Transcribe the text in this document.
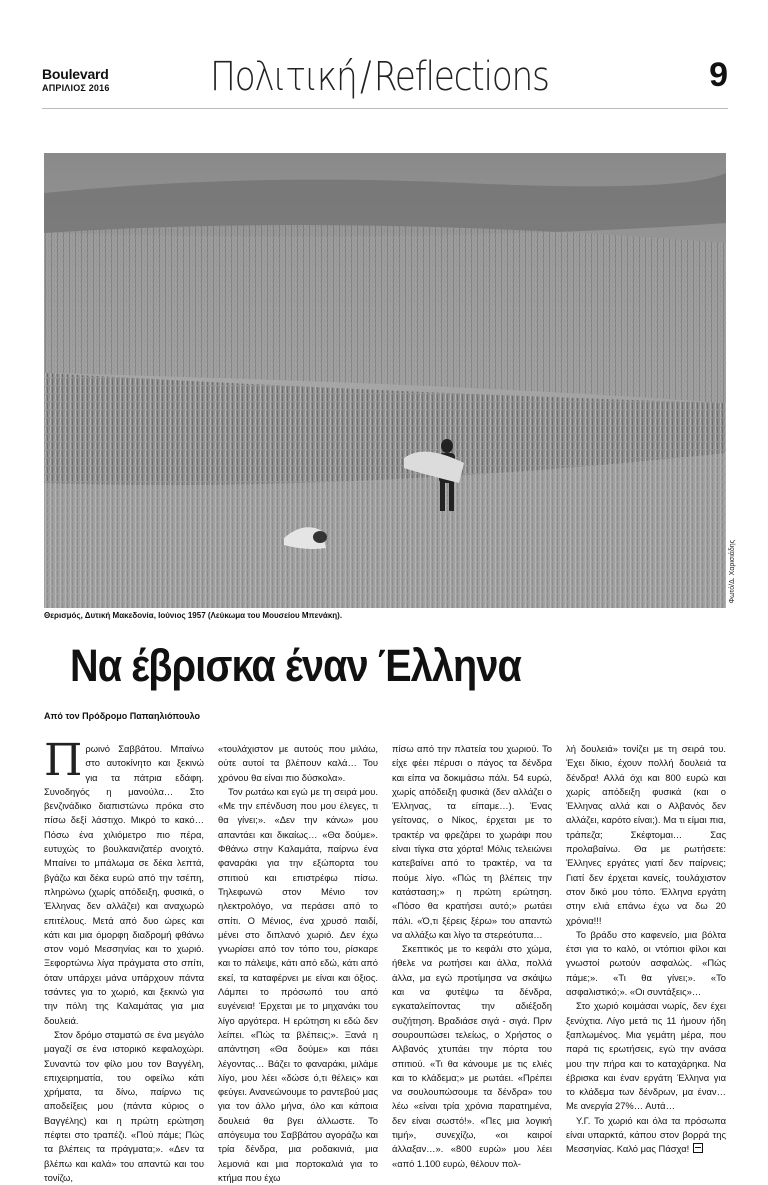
Boulevard
ΑΠΡΙΛΙΟΣ 2016	Πολιτική/Reflections	9
Φωτό/Δ. Χαρισιάδης
Θερισμός, Δυτική Μακεδονία, Ιούνιος 1957 (Λεύκωμα του Μουσείου Μπενάκη).
Να έβρισκα έναν Έλληνα
Από τον Πρόδρομο Παπαηλιόπουλο

Πρωινό Σαββάτου. Μπαίνω στο αυτοκίνητο και ξεκινώ για τα πάτρια εδάφη. Συνοδηγός η μανούλα… Στο βενζινάδικο διαπιστώνω πρόκα στο πίσω δεξί λάστιχο. Μικρό το κακό… Πόσω ένα χιλιόμετρο πιο πέρα, ευτυχώς το βουλκανιζατέρ ανοιχτό. Μπαίνει το μπάλωμα σε δέκα λεπτά, βγάζω και δέκα ευρώ από την τσέπη, πληρώνω (χωρίς απόδειξη, φυσικά, ο Έλληνας δεν αλλάζει) και αναχωρώ επιτέλους. Μετά από δυο ώρες και κάτι και μια όμορφη διαδρομή φθάνω στον νομό Μεσσηνίας και το χωριό. Ξεφορτώνω λίγα πράγματα στο σπίτι, όταν υπάρχει μάνα υπάρχουν πάντα τσάντες για το χωριό, και ξεκινώ για την πόλη της Καλαμάτας για μια δουλειά.

Στον δρόμο σταματώ σε ένα μεγάλο μαγαζί σε ένα ιστορικό κεφαλοχώρι. Συναντώ τον φίλο μου τον Βαγγέλη, επιχειρηματία, του οφείλω κάτι χρήματα, τα δίνω, παίρνω τις αποδείξεις μου (πάντα κύριος ο Βαγγέλης) και η πρώτη ερώτηση πέφτει στο τραπέζι. «Πού πάμε; Πώς τα βλέπεις τα πράγματα;». «Δεν τα βλέπω και καλά» του απαντώ και του τονίζω,

«τουλάχιστον με αυτούς που μιλάω, ούτε αυτοί τα βλέπουν καλά… Του χρόνου θα είναι πιο δύσκολα».

Τον ρωτάω και εγώ με τη σειρά μου. «Με την επένδυση που μου έλεγες, τι θα γίνει;». «Δεν την κάνω» μου απαντάει και δικαίως… «Θα δούμε». Φθάνω στην Καλαμάτα, παίρνω ένα φαναράκι για την εξώπορτα του σπιτιού και επιστρέφω πίσω. Τηλεφωνώ στον Μένιο τον ηλεκτρολόγο, να περάσει από το σπίτι. Ο Μένιος, ένα χρυσό παιδί, μένει στο διπλανό χωριό. Δεν έχω γνωρίσει από τον τόπο του, ρίσκαρε και το πάλεψε, κάτι από εδώ, κάτι από εκεί, τα καταφέρνει με είναι και όξιος. Λάμπει το πρόσωπό του από ευγένεια! Έρχεται με το μηχανάκι του λίγο αργότερα. Η ερώτηση κι εδώ δεν λείπει. «Πώς τα βλέπεις;». Ξανά η απάντηση «Θα δούμε» και πάει λέγοντας… Βάζει το φαναράκι, μιλάμε λίγο, μου λέει «δώσε ό,τι θέλεις» και φεύγει. Ανανεώνουμε το ραντεβού μας για τον άλλο μήνα, όλο και κάποια δουλειά θα βγει άλλωστε. Το απόγευμα του Σαββάτου αγοράζω και τρία δένδρα, μια ροδακινιά, μια λεμονιά και μια πορτοκαλιά για το κτήμα που έχω

πίσω από την πλατεία του χωριού. Το είχε φέει πέρυσι ο πάγος τα δένδρα και είπα να δοκιμάσω πάλι. 54 ευρώ, χωρίς απόδειξη φυσικά (δεν αλλάζει ο Έλληνας, τα είπαμε…). Ένας γείτονας, ο Νίκος, έρχεται με το τρακτέρ να φρεζάρει το χωράφι που είναι τίγκα στα χόρτα! Μόλις τελειώνει κατεβαίνει από το τρακτέρ, να τα πούμε λίγο. «Πώς τη βλέπεις την κατάσταση;» η πρώτη ερώτηση. «Πόσο θα κρατήσει αυτό;» ρωτάει πάλι. «Ό,τι ξέρεις ξέρω» του απαντώ να αλλάξω και λίγο τα στερεότυπα…

Σκεπτικός με το κεφάλι στο χώμα, ήθελε να ρωτήσει και άλλα, πολλά άλλα, μα εγώ προτίμησα να σκάψω και να φυτέψω τα δένδρα, εγκαταλείποντας την αδιέξοδη συζήτηση. Βραδιάσε σιγά - σιγά. Πριν σουρουπώσει τελείως, ο Χρήστος ο Αλβανός χτυπάει την πόρτα του σπιτιού. «Τι θα κάνουμε με τις ελιές και το κλάδεμα;» με ρωτάει. «Πρέπει να σουλουπώσουμε τα δένδρα» του λέω «είναι τρία χρόνια παρατημένα, δεν είναι σωστό!». «Πες μια λογική τιμή», συνεχίζω, «οι καιροί άλλαξαν…». «800 ευρώ» μου λέει «από 1.100 ευρώ, θέλουν πολ-

λή δουλειά» τονίζει με τη σειρά του. Έχει δίκιο, έχουν πολλή δουλειά τα δένδρα! Αλλά όχι και 800 ευρώ και χωρίς απόδειξη φυσικά (και ο Έλληνας αλλά και ο Αλβανός δεν αλλάζει, καρότο είναι;). Μα τι είμαι πια, τράπεζα; Σκέφτομαι… Σας προλαβαίνω. Θα με ρωτήσετε: Έλληνες εργάτες γιατί δεν παίρνεις; Γιατί δεν έρχεται κανείς, τουλάχιστον στον δικό μου τόπο. Έλληνα εργάτη στην ελιά επάνω έχω να δω 20 χρόνια!!!

Το βράδυ στο καφενείο, μια βόλτα έτσι για το καλό, οι ντόπιοι φίλοι και γνωστοί ρωτούν ασφαλώς. «Πώς πάμε;». «Τι θα γίνει;». «Το ασφαλιστικό;». «Οι συντάξεις»…

Στο χωριό κοιμάσαι νωρίς, δεν έχει ξενύχτια. Λίγο μετά τις 11 ήμουν ήδη ξαπλωμένος. Μια γεμάτη μέρα, που παρά τις ερωτήσεις, εγώ την ανάσα μου την πήρα και το καταχάρηκα. Να έβρισκα και έναν εργάτη Έλληνα για το κλάδεμα των δένδρων, μα έναν… Με ανεργία 27%… Αυτά…

Υ.Γ. Το χωριό και όλα τα πρόσωπα είναι υπαρκτά, κάπου στον βορρά της Μεσσηνίας. Καλό μας Πάσχα!
